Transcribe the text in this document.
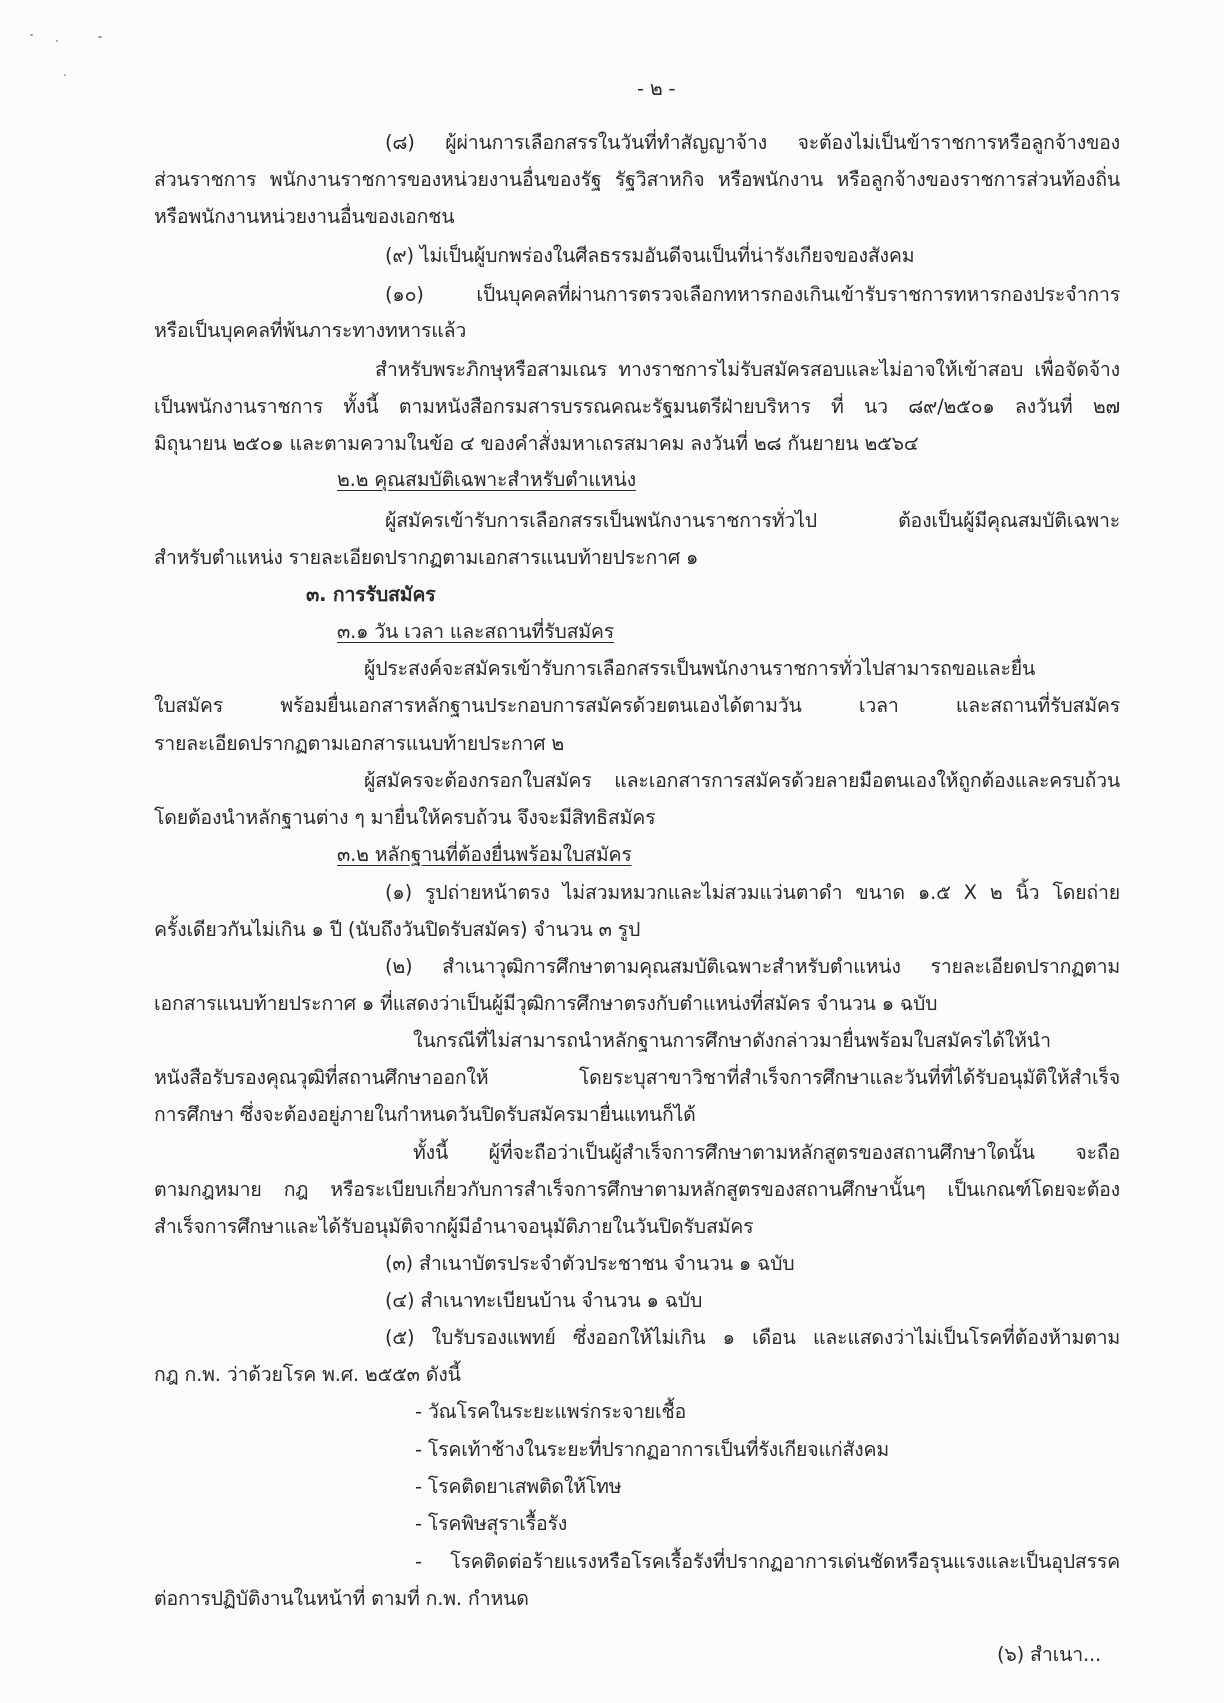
- ๒ -
(๘) ผู้ผ่านการเลือกสรรในวันที่ทำสัญญาจ้าง จะต้องไม่เป็นข้าราชการหรือลูกจ้างของ
ส่วนราชการ พนักงานราชการของหน่วยงานอื่นของรัฐ รัฐวิสาหกิจ หรือพนักงาน หรือลูกจ้างของราชการส่วนท้องถิ่น
หรือพนักงานหน่วยงานอื่นของเอกชน
(๙) ไม่เป็นผู้บกพร่องในศีลธรรมอันดีจนเป็นที่น่ารังเกียจของสังคม
(๑๐) เป็นบุคคลที่ผ่านการตรวจเลือกทหารกองเกินเข้ารับราชการทหารกองประจำการ
หรือเป็นบุคคลที่พ้นภาระทางทหารแล้ว
สำหรับพระภิกษุหรือสามเณร ทางราชการไม่รับสมัครสอบและไม่อาจให้เข้าสอบ เพื่อจัดจ้าง
เป็นพนักงานราชการ ทั้งนี้ ตามหนังสือกรมสารบรรณคณะรัฐมนตรีฝ่ายบริหาร ที่ นว ๘๙/๒๕๐๑ ลงวันที่ ๒๗
มิถุนายน ๒๕๐๑ และตามความในข้อ ๔ ของคำสั่งมหาเถรสมาคม ลงวันที่ ๒๘ กันยายน ๒๕๖๔
๒.๒ คุณสมบัติเฉพาะสำหรับตำแหน่ง
ผู้สมัครเข้ารับการเลือกสรรเป็นพนักงานราชการทั่วไป ต้องเป็นผู้มีคุณสมบัติเฉพาะ
สำหรับตำแหน่ง รายละเอียดปรากฏตามเอกสารแนบท้ายประกาศ ๑
๓. การรับสมัคร
๓.๑ วัน เวลา และสถานที่รับสมัคร
ผู้ประสงค์จะสมัครเข้ารับการเลือกสรรเป็นพนักงานราชการทั่วไปสามารถขอและยื่น
ใบสมัคร พร้อมยื่นเอกสารหลักฐานประกอบการสมัครด้วยตนเองได้ตามวัน เวลา และสถานที่รับสมัคร
รายละเอียดปรากฏตามเอกสารแนบท้ายประกาศ ๒
ผู้สมัครจะต้องกรอกใบสมัคร และเอกสารการสมัครด้วยลายมือตนเองให้ถูกต้องและครบถ้วน
โดยต้องนำหลักฐานต่าง ๆ มายื่นให้ครบถ้วน จึงจะมีสิทธิสมัคร
๓.๒ หลักฐานที่ต้องยื่นพร้อมใบสมัคร
(๑) รูปถ่ายหน้าตรง ไม่สวมหมวกและไม่สวมแว่นตาดำ ขนาด ๑.๕ X ๒ นิ้ว โดยถ่าย
ครั้งเดียวกันไม่เกิน ๑ ปี (นับถึงวันปิดรับสมัคร) จำนวน ๓ รูป
(๒) สำเนาวุฒิการศึกษาตามคุณสมบัติเฉพาะสำหรับตำแหน่ง รายละเอียดปรากฏตาม
เอกสารแนบท้ายประกาศ ๑ ที่แสดงว่าเป็นผู้มีวุฒิการศึกษาตรงกับตำแหน่งที่สมัคร จำนวน ๑ ฉบับ
ในกรณีที่ไม่สามารถนำหลักฐานการศึกษาดังกล่าวมายื่นพร้อมใบสมัครได้ให้นำ
หนังสือรับรองคุณวุฒิที่สถานศึกษาออกให้ โดยระบุสาขาวิชาที่สำเร็จการศึกษาและวันที่ที่ได้รับอนุมัติให้สำเร็จ
การศึกษา ซึ่งจะต้องอยู่ภายในกำหนดวันปิดรับสมัครมายื่นแทนก็ได้
ทั้งนี้ ผู้ที่จะถือว่าเป็นผู้สำเร็จการศึกษาตามหลักสูตรของสถานศึกษาใดนั้น จะถือ
ตามกฎหมาย กฎ หรือระเบียบเกี่ยวกับการสำเร็จการศึกษาตามหลักสูตรของสถานศึกษานั้นๆ เป็นเกณฑ์โดยจะต้อง
สำเร็จการศึกษาและได้รับอนุมัติจากผู้มีอำนาจอนุมัติภายในวันปิดรับสมัคร
(๓) สำเนาบัตรประจำตัวประชาชน จำนวน ๑ ฉบับ
(๔) สำเนาทะเบียนบ้าน จำนวน ๑ ฉบับ
(๕) ใบรับรองแพทย์ ซึ่งออกให้ไม่เกิน ๑ เดือน และแสดงว่าไม่เป็นโรคที่ต้องห้ามตาม
กฎ ก.พ. ว่าด้วยโรค พ.ศ. ๒๕๕๓ ดังนี้
- วัณโรคในระยะแพร่กระจายเชื้อ
- โรคเท้าช้างในระยะที่ปรากฏอาการเป็นที่รังเกียจแก่สังคม
- โรคติดยาเสพติดให้โทษ
- โรคพิษสุราเรื้อรัง
- โรคติดต่อร้ายแรงหรือโรคเรื้อรังที่ปรากฏอาการเด่นชัดหรือรุนแรงและเป็นอุปสรรค
ต่อการปฏิบัติงานในหน้าที่ ตามที่ ก.พ. กำหนด
(๖) สำเนา...
